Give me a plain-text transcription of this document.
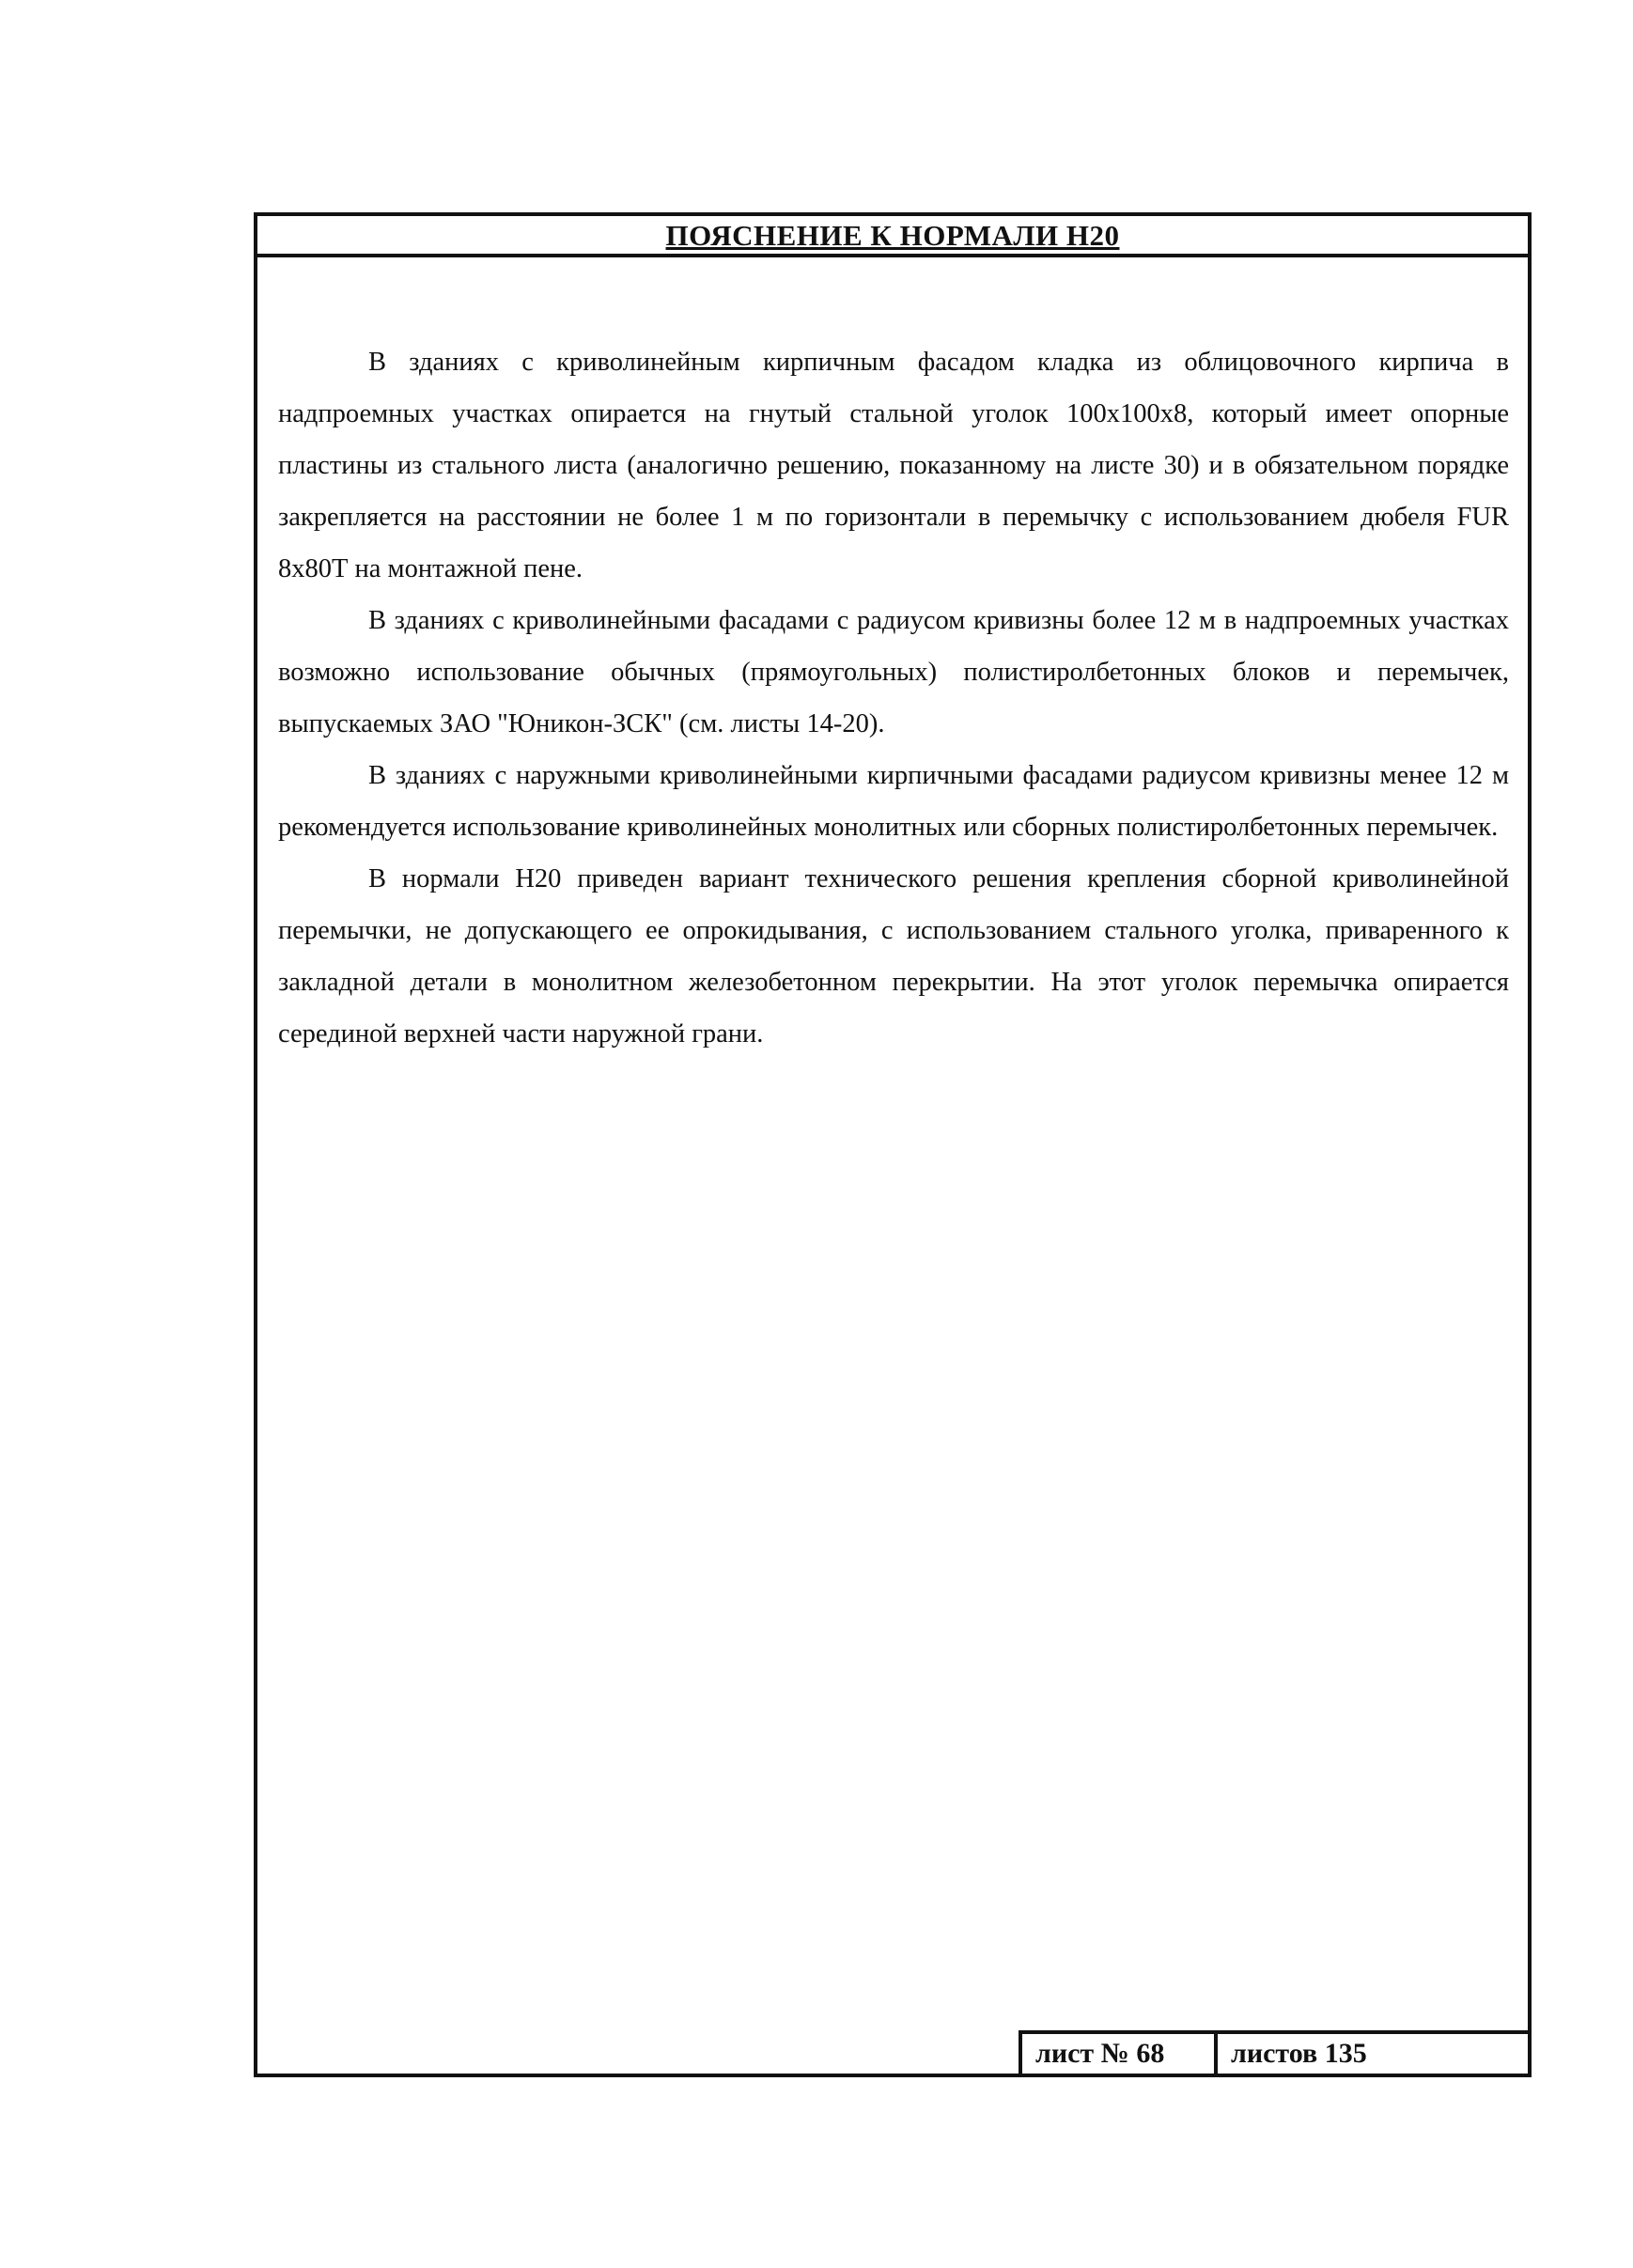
ПОЯСНЕНИЕ К НОРМАЛИ Н20

В зданиях с криволинейным кирпичным фасадом кладка из облицовочного кирпича в надпроемных участках опирается на гнутый стальной уголок 100х100х8, который имеет опорные пластины из стального листа (аналогично решению, показанному на листе 30) и в обязательном порядке закрепляется на расстоянии не более 1 м по горизонтали в перемычку с использованием дюбеля FUR 8х80Т на монтажной пене.

В зданиях с криволинейными фасадами с радиусом кривизны более 12 м в надпроемных участках возможно использование обычных (прямоугольных) полистиролбетонных блоков и перемычек, выпускаемых ЗАО "Юникон-ЗСК" (см. листы 14-20).

В зданиях с наружными криволинейными кирпичными фасадами радиусом кривизны менее 12 м рекомендуется использование криволинейных монолитных или сборных полистиролбетонных перемычек.

В нормали Н20 приведен вариант технического решения крепления сборной криволинейной перемычки, не допускающего ее опрокидывания, с использованием стального уголка, приваренного к закладной детали в монолитном железобетонном перекрытии. На этот уголок перемычка опирается серединой верхней части наружной грани.

лист № 68	листов 135
